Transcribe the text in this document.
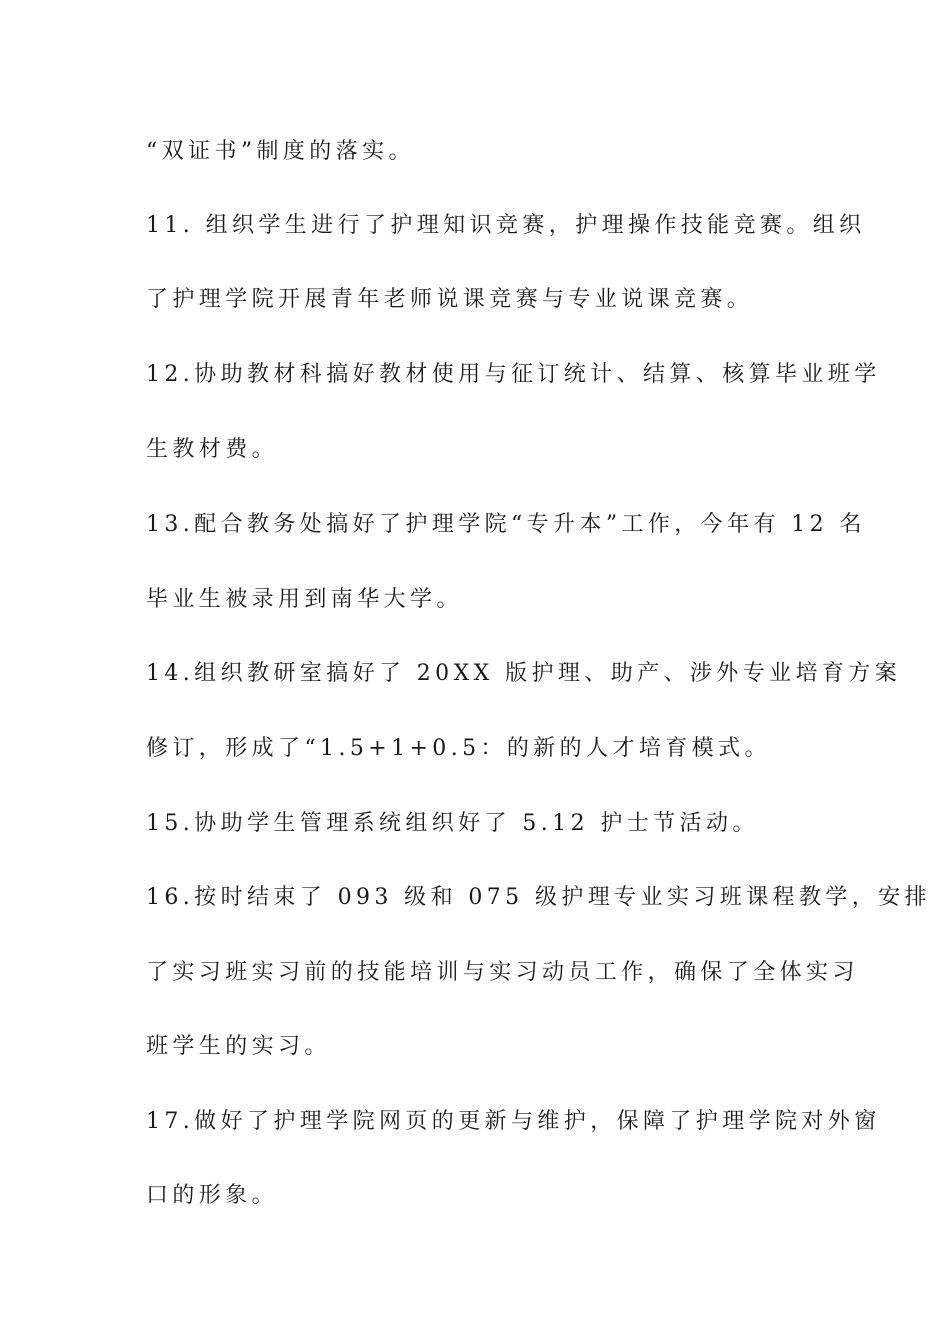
“双证书”制度的落实。
11. 组织学生进行了护理知识竞赛，护理操作技能竞赛。组织
了护理学院开展青年老师说课竞赛与专业说课竞赛。
12.协助教材科搞好教材使用与征订统计、结算、核算毕业班学
生教材费。
13.配合教务处搞好了护理学院“专升本”工作，今年有 12 名
毕业生被录用到南华大学。
14.组织教研室搞好了 20XX 版护理、助产、涉外专业培育方案
修订，形成了“1.5+1+0.5：的新的人才培育模式。
15.协助学生管理系统组织好了 5.12 护士节活动。
16.按时结束了 093 级和 075 级护理专业实习班课程教学，安排
了实习班实习前的技能培训与实习动员工作，确保了全体实习
班学生的实习。
17.做好了护理学院网页的更新与维护，保障了护理学院对外窗
口的形象。
